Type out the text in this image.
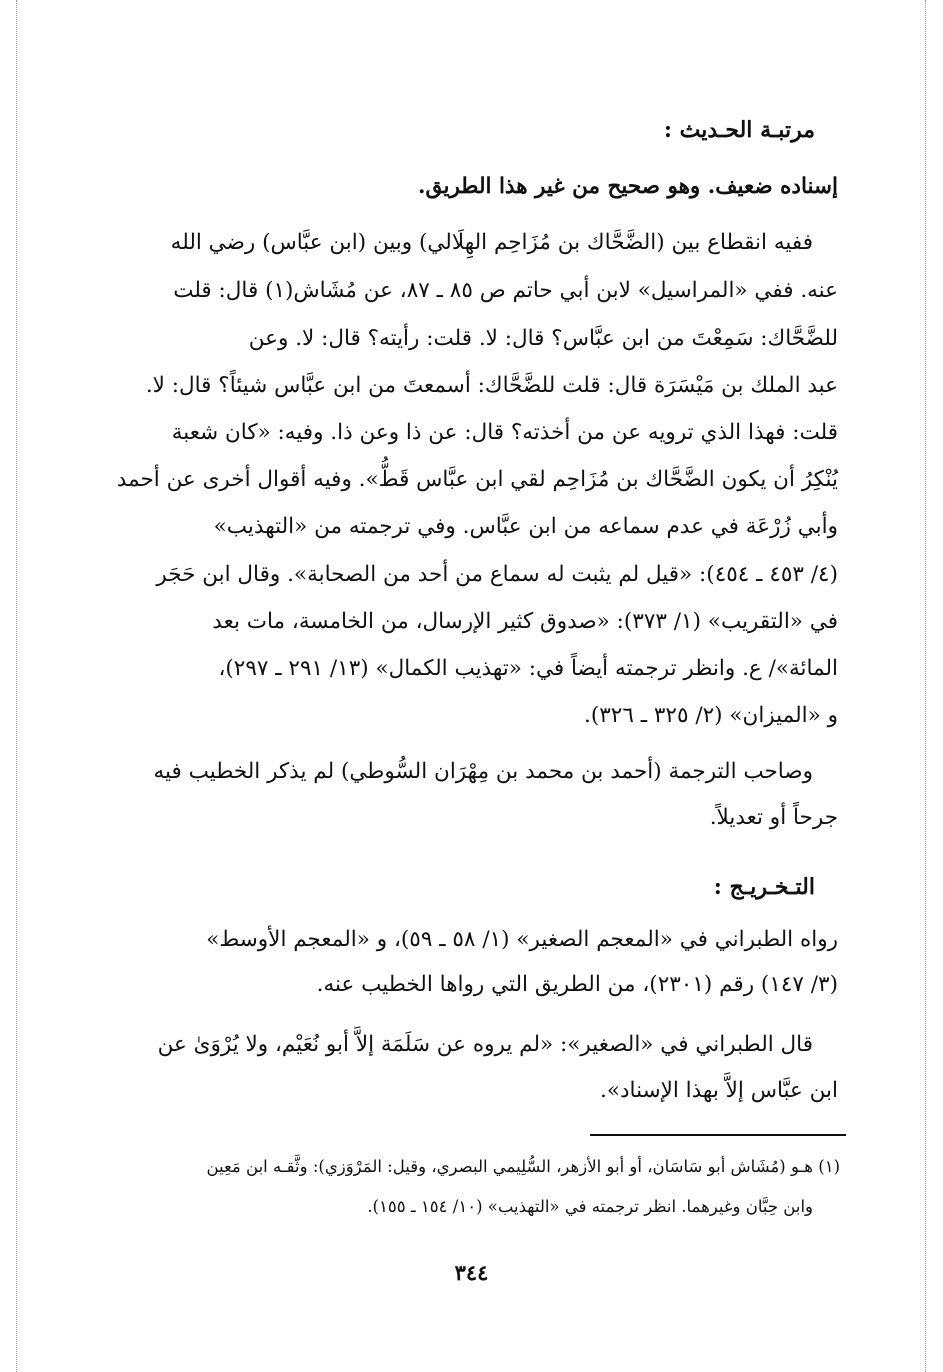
مرتبـة الحـديث :
إسناده ضعيف. وهو صحيح من غير هذا الطريق.
ففيه انقطاع بين (الضَّحَّاك بن مُزَاحِم الهِلَالي) وبين (ابن عبَّاس) رضي الله
عنه. ففي «المراسيل» لابن أبي حاتم ص ٨٥ ـ ٨٧، عن مُشَاش(١) قال: قلت
للضَّحَّاك: سَمِعْتَ من ابن عبَّاس؟ قال: لا. قلت: رأيته؟ قال: لا. وعن
عبد الملك بن مَيْسَرَة قال: قلت للضَّحَّاك: أسمعتَ من ابن عبَّاس شيئاً؟ قال: لا.
قلت: فهذا الذي ترويه عن من أخذته؟ قال: عن ذا وعن ذا. وفيه: «كان شعبة
يُنْكِرُ أن يكون الضَّحَّاك بن مُزَاحِم لقي ابن عبَّاس قَطُّ». وفيه أقوال أخرى عن أحمد
وأبي زُرْعَة في عدم سماعه من ابن عبَّاس. وفي ترجمته من «التهذيب»
(٤/ ٤٥٣ ـ ٤٥٤): «قيل لم يثبت له سماع من أحد من الصحابة». وقال ابن حَجَر
في «التقريب» (١/ ٣٧٣): «صدوق كثير الإرسال، من الخامسة، مات بعد
المائة»/ ع. وانظر ترجمته أيضاً في: «تهذيب الكمال» (١٣/ ٢٩١ ـ ٢٩٧)،
و «الميزان» (٢/ ٣٢٥ ـ ٣٢٦).
وصاحب الترجمة (أحمد بن محمد بن مِهْرَان السُّوطي) لم يذكر الخطيب فيه
جرحاً أو تعديلاً.
التـخـريـج :
رواه الطبراني في «المعجم الصغير» (١/ ٥٨ ـ ٥٩)، و «المعجم الأوسط»
(٣/ ١٤٧) رقم (٢٣٠١)، من الطريق التي رواها الخطيب عنه.
قال الطبراني في «الصغير»: «لم يروه عن سَلَمَة إلاَّ أبو نُعَيْم، ولا يُرْوَىٰ عن
ابن عبَّاس إلاَّ بهذا الإسناد».
(١) هـو (مُشَاش أبو سَاسَان، أو أبو الأزهر، السُّلِيمي البصري، وقيل: المَرْوَزي): وثَّقـه ابن مَعِين
وابن حِبَّان وغيرهما. انظر ترجمته في «التهذيب» (١٠/ ١٥٤ ـ ١٥٥).
٣٤٤
